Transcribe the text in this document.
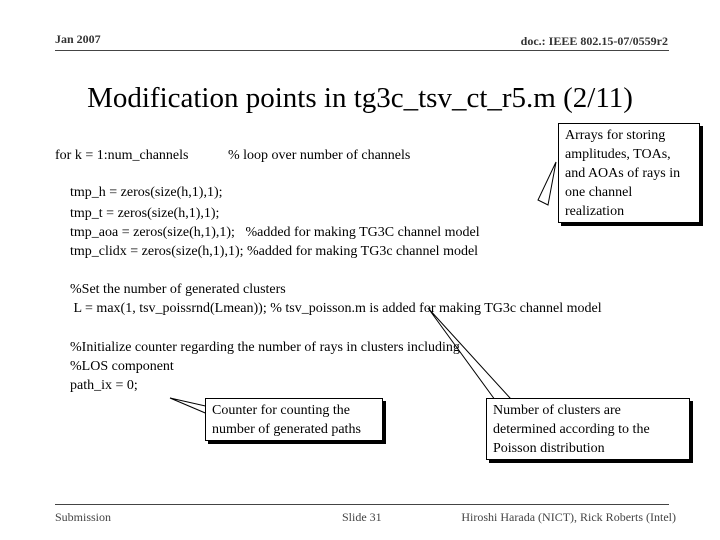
Jan 2007	doc.: IEEE 802.15-07/0559r2
Modification points in tg3c_tsv_ct_r5.m (2/11)
for k = 1:num_channels	% loop over number of channels
tmp_h = zeros(size(h,1),1);
tmp_t = zeros(size(h,1),1);
tmp_aoa = zeros(size(h,1),1);   %added for making TG3C channel model
tmp_clidx = zeros(size(h,1),1); %added for making TG3c channel model
%Set the number of generated clusters
L = max(1, tsv_poissrnd(Lmean)); % tsv_poisson.m is added for making TG3c channel model
%Initialize counter regarding the number of rays in clusters including
%LOS component
path_ix = 0;
Arrays for storing
amplitudes, TOAs,
and AOAs of rays in
one channel
realization
Counter for counting the
number of generated paths
Number of clusters are
determined according to the
Poisson distribution
Submission	Slide 31	Hiroshi Harada (NICT), Rick Roberts (Intel)
